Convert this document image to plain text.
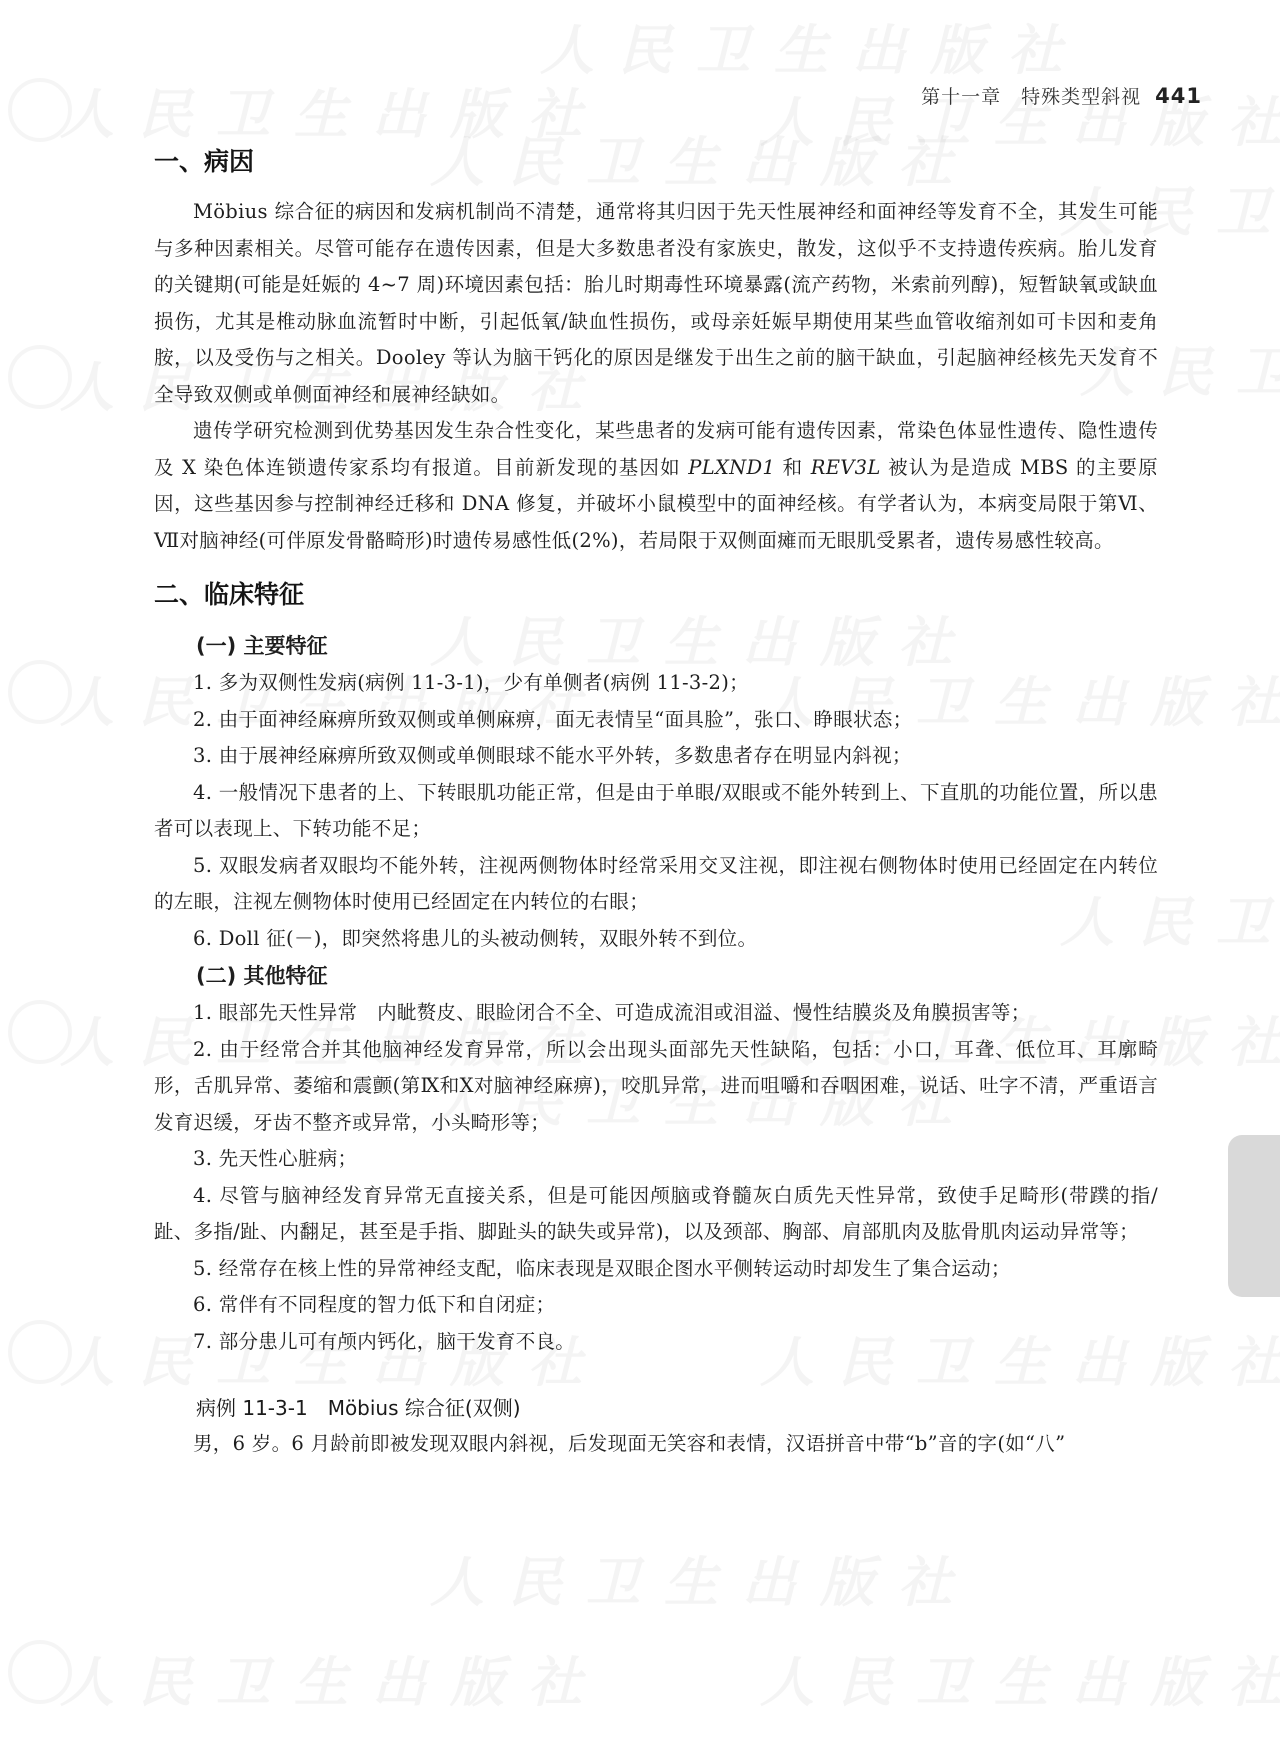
第十一章　特殊类型斜视 441
一、病因

Möbius 综合征的病因和发病机制尚不清楚，通常将其归因于先天性展神经和面神经等发育不全，其发生可能与多种因素相关。尽管可能存在遗传因素，但是大多数患者没有家族史，散发，这似乎不支持遗传疾病。胎儿发育的关键期(可能是妊娠的 4~7 周)环境因素包括：胎儿时期毒性环境暴露(流产药物，米索前列醇)，短暂缺氧或缺血损伤，尤其是椎动脉血流暂时中断，引起低氧/缺血性损伤，或母亲妊娠早期使用某些血管收缩剂如可卡因和麦角胺，以及受伤与之相关。Dooley 等认为脑干钙化的原因是继发于出生之前的脑干缺血，引起脑神经核先天发育不全导致双侧或单侧面神经和展神经缺如。

遗传学研究检测到优势基因发生杂合性变化，某些患者的发病可能有遗传因素，常染色体显性遗传、隐性遗传及 X 染色体连锁遗传家系均有报道。目前新发现的基因如 PLXND1 和 REV3L 被认为是造成 MBS 的主要原因，这些基因参与控制神经迁移和 DNA 修复，并破坏小鼠模型中的面神经核。有学者认为，本病变局限于第Ⅵ、Ⅶ对脑神经(可伴原发骨骼畸形)时遗传易感性低(2%)，若局限于双侧面瘫而无眼肌受累者，遗传易感性较高。

二、临床特征
(一) 主要特征

1. 多为双侧性发病(病例 11-3-1)，少有单侧者(病例 11-3-2)；

2. 由于面神经麻痹所致双侧或单侧麻痹，面无表情呈“面具脸”，张口、睁眼状态；

3. 由于展神经麻痹所致双侧或单侧眼球不能水平外转，多数患者存在明显内斜视；

4. 一般情况下患者的上、下转眼肌功能正常，但是由于单眼/双眼或不能外转到上、下直肌的功能位置，所以患者可以表现上、下转功能不足；

5. 双眼发病者双眼均不能外转，注视两侧物体时经常采用交叉注视，即注视右侧物体时使用已经固定在内转位的左眼，注视左侧物体时使用已经固定在内转位的右眼；

6. Doll 征(－)，即突然将患儿的头被动侧转，双眼外转不到位。

(二) 其他特征

1. 眼部先天性异常　内眦赘皮、眼睑闭合不全、可造成流泪或泪溢、慢性结膜炎及角膜损害等；

2. 由于经常合并其他脑神经发育异常，所以会出现头面部先天性缺陷，包括：小口，耳聋、低位耳、耳廓畸形，舌肌异常、萎缩和震颤(第Ⅸ和Ⅹ对脑神经麻痹)，咬肌异常，进而咀嚼和吞咽困难，说话、吐字不清，严重语言发育迟缓，牙齿不整齐或异常，小头畸形等；

3. 先天性心脏病；

4. 尽管与脑神经发育异常无直接关系，但是可能因颅脑或脊髓灰白质先天性异常，致使手足畸形(带蹼的指/趾、多指/趾、内翻足，甚至是手指、脚趾头的缺失或异常)，以及颈部、胸部、肩部肌肉及肱骨肌肉运动异常等；

5. 经常存在核上性的异常神经支配，临床表现是双眼企图水平侧转运动时却发生了集合运动；

6. 常伴有不同程度的智力低下和自闭症；

7. 部分患儿可有颅内钙化，脑干发育不良。

病例 11-3-1　Möbius 综合征(双侧)
男，6 岁。6 月龄前即被发现双眼内斜视，后发现面无笑容和表情，汉语拼音中带“b”音的字(如“八”
